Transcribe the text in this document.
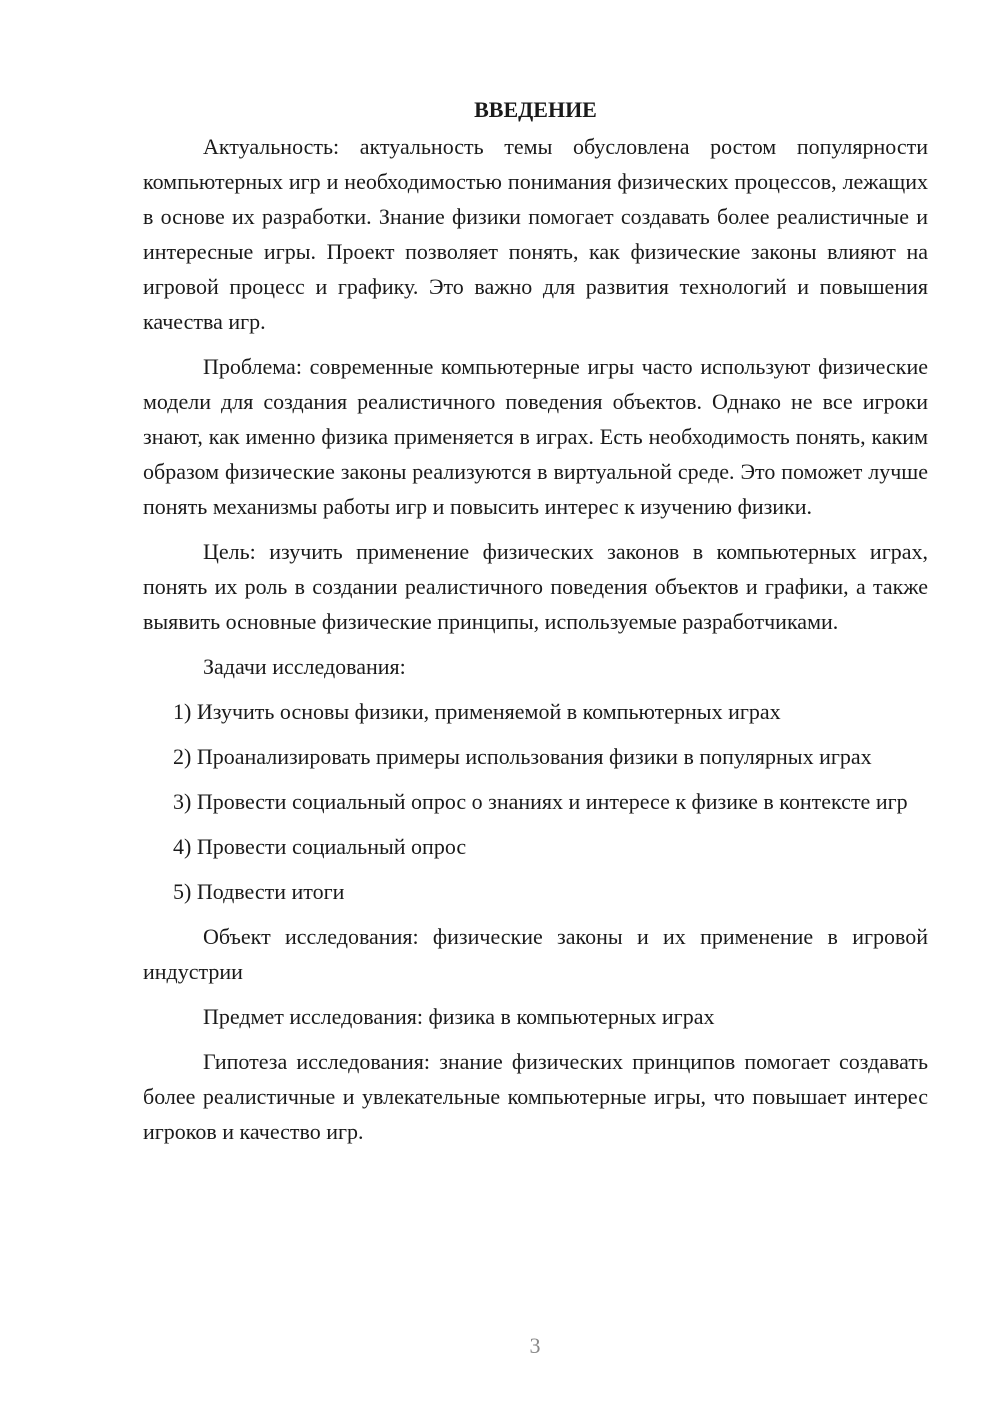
ВВЕДЕНИЕ

Актуальность: актуальность темы обусловлена ростом популярности компьютерных игр и необходимостью понимания физических процессов, лежащих в основе их разработки. Знание физики помогает создавать более реалистичные и интересные игры. Проект позволяет понять, как физические законы влияют на игровой процесс и графику. Это важно для развития технологий и повышения качества игр.

Проблема: современные компьютерные игры часто используют физические модели для создания реалистичного поведения объектов. Однако не все игроки знают, как именно физика применяется в играх. Есть необходимость понять, каким образом физические законы реализуются в виртуальной среде. Это поможет лучше понять механизмы работы игр и повысить интерес к изучению физики.

Цель: изучить применение физических законов в компьютерных играх, понять их роль в создании реалистичного поведения объектов и графики, а также выявить основные физические принципы, используемые разработчиками.

Задачи исследования:

1) Изучить основы физики, применяемой в компьютерных играх

2) Проанализировать примеры использования физики в популярных играх

3) Провести социальный опрос о знаниях и интересе к физике в контексте игр

4) Провести социальный опрос

5) Подвести итоги

Объект исследования: физические законы и их применение в игровой индустрии

Предмет исследования: физика в компьютерных играх

Гипотеза исследования: знание физических принципов помогает создавать более реалистичные и увлекательные компьютерные игры, что повышает интерес игроков и качество игр.

3
